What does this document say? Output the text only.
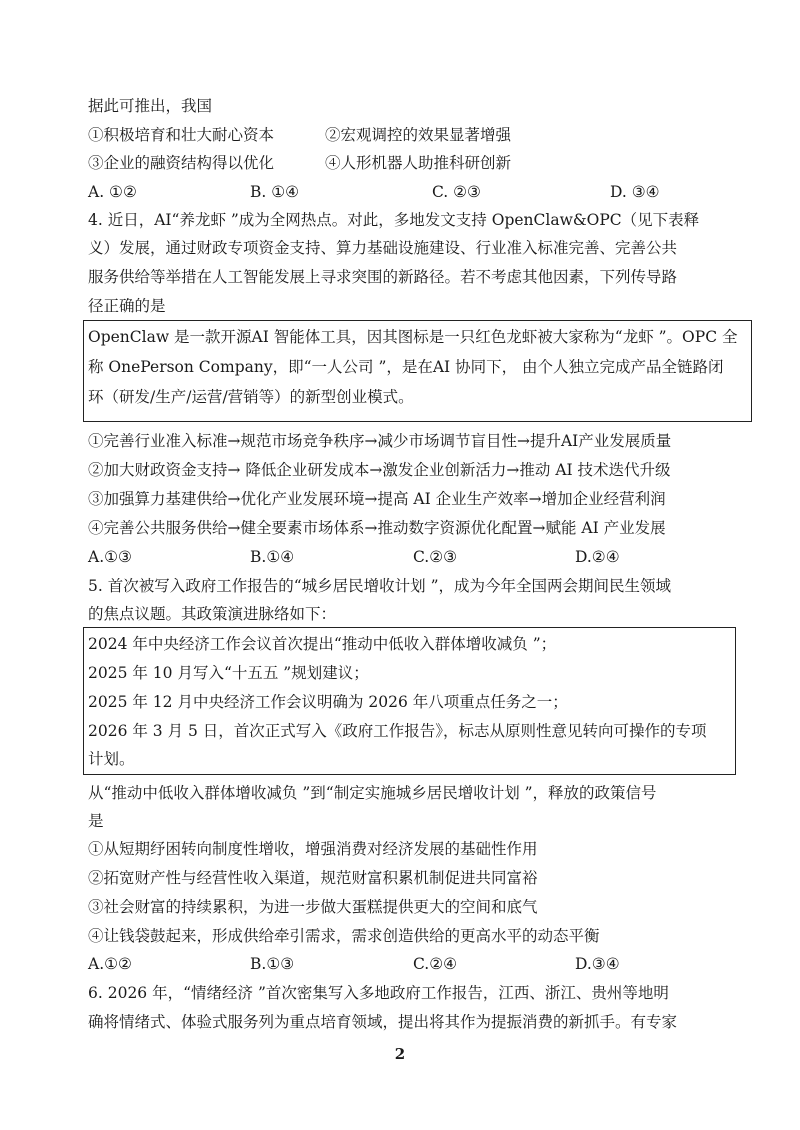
据此可推出，我国
①积极培育和壮大耐心资本	②宏观调控的效果显著增强
③企业的融资结构得以优化	④人形机器人助推科研创新
A. ①②	B. ①④	C. ②③	D. ③④
4. 近日，AI“养龙虾 ”成为全网热点。对此，多地发文支持 OpenClaw&OPC（见下表释
义）发展，通过财政专项资金支持、算力基础设施建设、行业准入标准完善、完善公共
服务供给等举措在人工智能发展上寻求突围的新路径。若不考虑其他因素，下列传导路
径正确的是
OpenClaw 是一款开源AI 智能体工具，因其图标是一只红色龙虾被大家称为“龙虾 ”。OPC 全
称 OnePerson Company，即“一人公司 ”，是在AI 协同下， 由个人独立完成产品全链路闭
环（研发/生产/运营/营销等）的新型创业模式。
①完善行业准入标准→规范市场竞争秩序→减少市场调节盲目性→提升AI产业发展质量
②加大财政资金支持→ 降低企业研发成本→激发企业创新活力→推动 AI 技术迭代升级
③加强算力基建供给→优化产业发展环境→提高 AI 企业生产效率→增加企业经营利润
④完善公共服务供给→健全要素市场体系→推动数字资源优化配置→赋能 AI 产业发展
A.①③	B.①④	C.②③	D.②④
5. 首次被写入政府工作报告的“城乡居民增收计划 ”，成为今年全国两会期间民生领域
的焦点议题。其政策演进脉络如下：
2024 年中央经济工作会议首次提出“推动中低收入群体增收减负 ”；
2025 年 10 月写入“十五五 ”规划建议；
2025 年 12 月中央经济工作会议明确为 2026 年八项重点任务之一；
2026 年 3 月 5 日，首次正式写入《政府工作报告》，标志从原则性意见转向可操作的专项
计划。
从“推动中低收入群体增收减负 ”到“制定实施城乡居民增收计划 ”，释放的政策信号
是
①从短期纾困转向制度性增收，增强消费对经济发展的基础性作用
②拓宽财产性与经营性收入渠道，规范财富积累机制促进共同富裕
③社会财富的持续累积，为进一步做大蛋糕提供更大的空间和底气
④让钱袋鼓起来，形成供给牵引需求，需求创造供给的更高水平的动态平衡
A.①②	B.①③	C.②④	D.③④
6. 2026 年，“情绪经济 ”首次密集写入多地政府工作报告，江西、浙江、贵州等地明
确将情绪式、体验式服务列为重点培育领域，提出将其作为提振消费的新抓手。有专家
2
